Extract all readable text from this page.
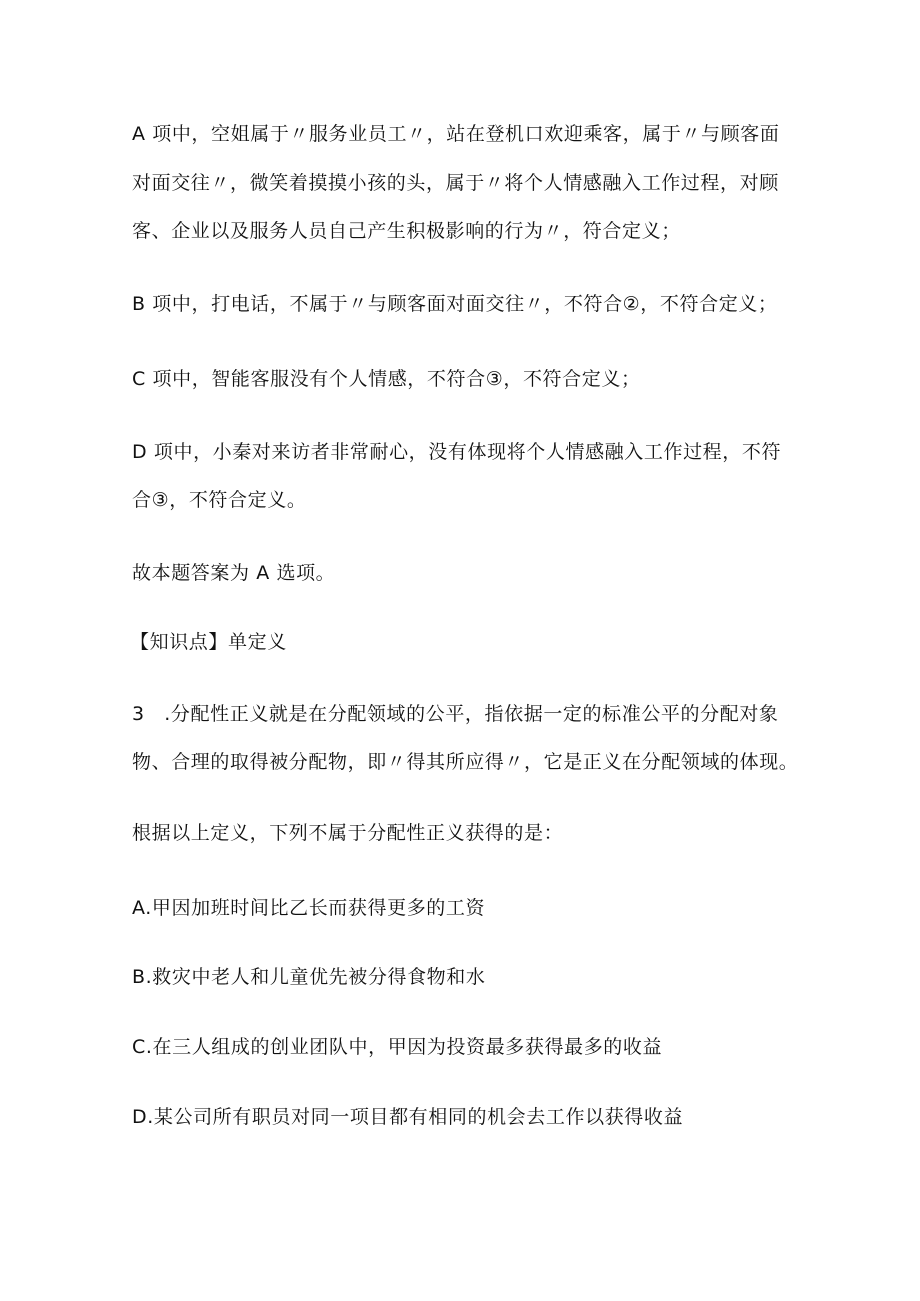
A 项中，空姐属于〃服务业员工〃，站在登机口欢迎乘客，属于〃与顾客面
对面交往〃，微笑着摸摸小孩的头，属于〃将个人情感融入工作过程，对顾
客、企业以及服务人员自己产生积极影响的行为〃，符合定义；
B 项中，打电话，不属于〃与顾客面对面交往〃，不符合②，不符合定义；
C 项中，智能客服没有个人情感，不符合③，不符合定义；
D 项中，小秦对来访者非常耐心，没有体现将个人情感融入工作过程，不符
合③，不符合定义。
故本题答案为 A 选项。
【知识点】单定义
3　.分配性正义就是在分配领域的公平，指依据一定的标准公平的分配对象
物、合理的取得被分配物，即〃得其所应得〃，它是正义在分配领域的体现。
根据以上定义，下列不属于分配性正义获得的是：
A.甲因加班时间比乙长而获得更多的工资
B.救灾中老人和儿童优先被分得食物和水
C.在三人组成的创业团队中，甲因为投资最多获得最多的收益
D.某公司所有职员对同一项目都有相同的机会去工作以获得收益
